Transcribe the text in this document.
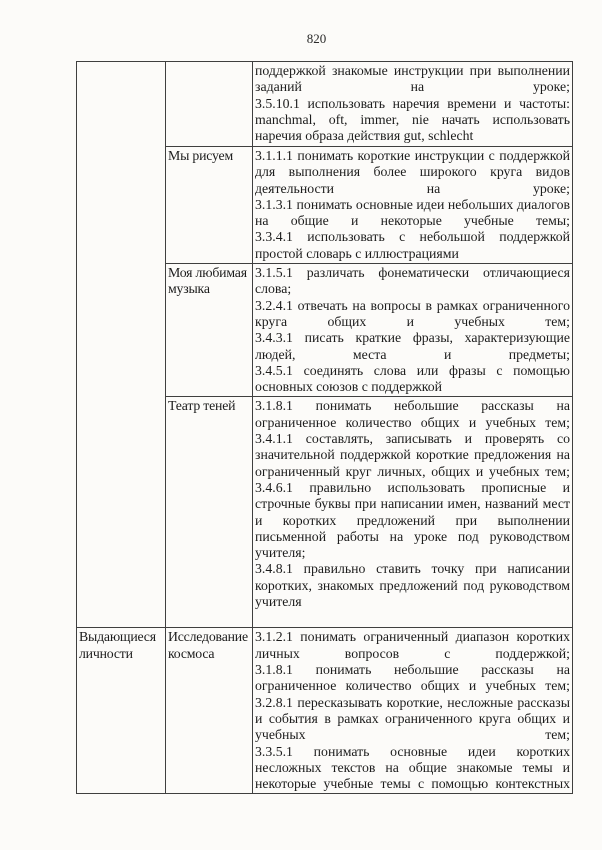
820

		поддержкой знакомые инструкции при выполнении заданий на уроке;
3.5.10.1 использовать наречия времени и частоты: manchmal, oft, immer, nie начать использовать наречия образа действия gut, schlecht

	Мы рисуем	3.1.1.1 понимать короткие инструкции с поддержкой для выполнения более широкого круга видов деятельности на уроке;
3.1.3.1 понимать основные идеи небольших диалогов на общие и некоторые учебные темы;
3.3.4.1 использовать с небольшой поддержкой простой словарь с иллюстрациями

	Моя любимая музыка	3.1.5.1 различать фонематически отличающиеся слова;
3.2.4.1 отвечать на вопросы в рамках ограниченного круга общих и учебных тем;
3.4.3.1 писать краткие фразы, характеризующие людей, места и предметы;
3.4.5.1 соединять слова или фразы с помощью основных союзов с поддержкой

	Театр теней	3.1.8.1 понимать небольшие рассказы на ограниченное количество общих и учебных тем;
3.4.1.1 составлять, записывать и проверять со значительной поддержкой короткие предложения на ограниченный круг личных, общих и учебных тем;
3.4.6.1 правильно использовать прописные и строчные буквы при написании имен, названий мест и коротких предложений при выполнении письменной работы на уроке под руководством учителя;
3.4.8.1 правильно ставить точку при написании коротких, знакомых предложений под руководством учителя

Выдающиеся личности	Исследование космоса	3.1.2.1 понимать ограниченный диапазон коротких личных вопросов с поддержкой;
3.1.8.1 понимать небольшие рассказы на ограниченное количество общих и учебных тем;
3.2.8.1 пересказывать короткие, несложные рассказы и события в рамках ограниченного круга общих и учебных тем;
3.3.5.1 понимать основные идеи коротких несложных текстов на общие знакомые темы и некоторые учебные темы с помощью контекстных
